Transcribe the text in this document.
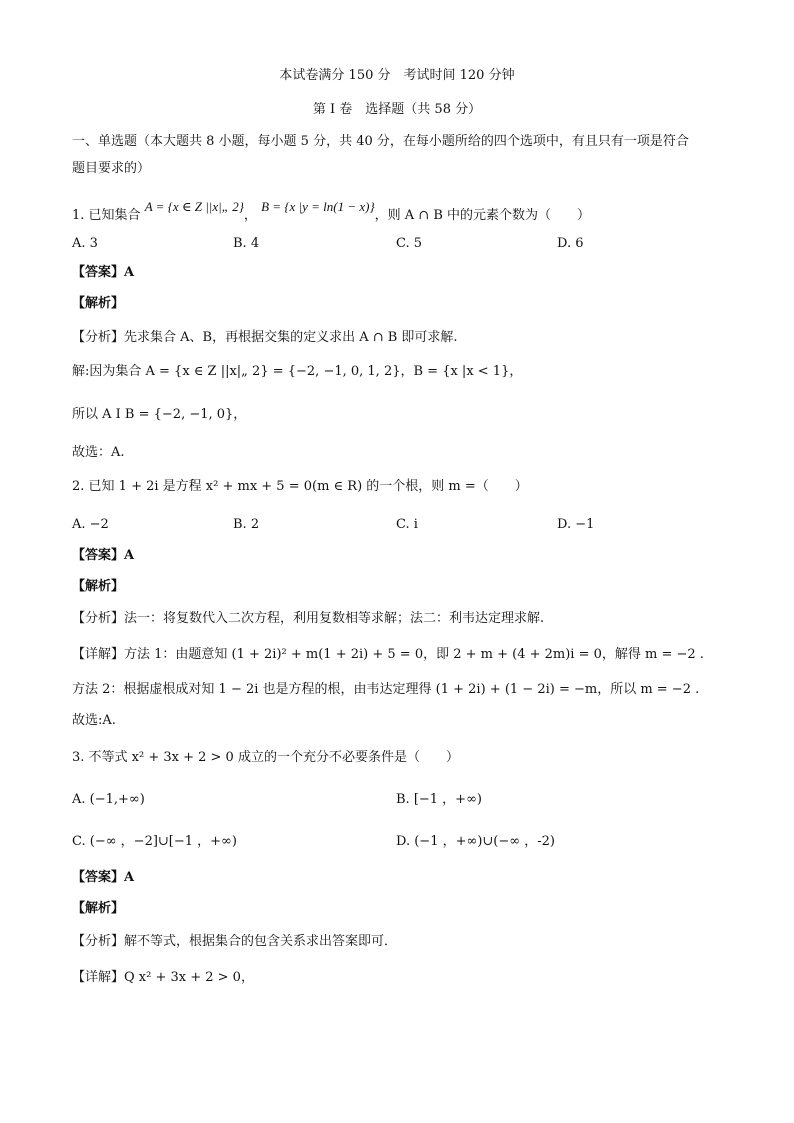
本试卷满分 150 分　考试时间 120 分钟
第 I 卷　选择题（共 58 分）
一、单选题（本大题共 8 小题，每小题 5 分，共 40 分，在每小题所给的四个选项中，有且只有一项是符合
题目要求的）
1. 已知集合 A = {x ∈ Z ||x|„ 2}， B = {x |y = ln(1 − x)}，则 A ∩ B 中的元素个数为（　　）
A. 3	B. 4	C. 5	D. 6
【答案】A
【解析】
【分析】先求集合 A、B，再根据交集的定义求出 A ∩ B 即可求解.
解:因为集合 A = {x ∈ Z ||x|„ 2} = {−2, −1, 0, 1, 2}，B = {x |x < 1}，
所以 A I B = {−2, −1, 0}，
故选：A.
2. 已知 1 + 2i 是方程 x² + mx + 5 = 0(m ∈ R) 的一个根，则 m =（　　）
A. −2	B. 2	C. i	D. −1
【答案】A
【解析】
【分析】法一：将复数代入二次方程，利用复数相等求解；法二：利韦达定理求解.
【详解】方法 1：由题意知 (1 + 2i)² + m(1 + 2i) + 5 = 0，即 2 + m + (4 + 2m)i = 0，解得 m = −2 .
方法 2：根据虚根成对知 1 − 2i 也是方程的根，由韦达定理得 (1 + 2i) + (1 − 2i) = −m，所以 m = −2 .
故选:A.
3. 不等式 x² + 3x + 2 > 0 成立的一个充分不必要条件是（　　）
A. (−1,+∞)	B. [−1 ，+∞)
C. (−∞ ，−2]∪[−1 ，+∞)	D. (−1 ，+∞)∪(−∞ ，-2)
【答案】A
【解析】
【分析】解不等式，根据集合的包含关系求出答案即可．
【详解】Q x² + 3x + 2 > 0，
